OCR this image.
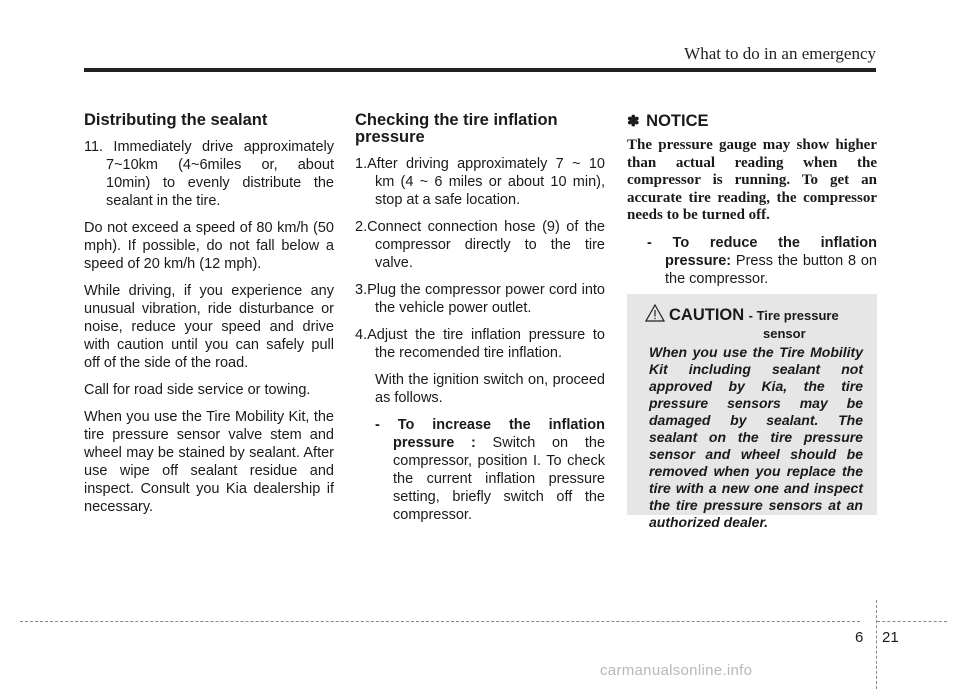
What to do in an emergency
Distributing the sealant

11. Immediately drive approximately 7~10km (4~6miles or, about 10min) to evenly distribute the sealant in the tire.

Do not exceed a speed of 80 km/h (50 mph). If possible, do not fall below a speed of 20 km/h (12 mph).

While driving, if you experience any unusual vibration, ride disturbance or noise, reduce your speed and drive with caution until you can safely pull off of the side of the road.

Call for road side service or towing.

When you use the Tire Mobility Kit, the tire pressure sensor valve stem and wheel may be stained by sealant. After use wipe off sealant residue and inspect. Consult you Kia dealership if necessary.

Checking the tire inflation pressure

1.After driving approximately 7 ~ 10 km (4 ~ 6 miles or about 10 min), stop at a safe location.

2.Connect connection hose (9) of the compressor directly to the tire valve.

3.Plug the compressor power cord into the vehicle power outlet.

4.Adjust the tire inflation pressure to the recomended tire inflation.

With the ignition switch on, proceed as follows.

- To increase the inflation pressure : Switch on the compressor, position I. To check the current inflation pressure setting, briefly switch off the compressor.

✽ NOTICE

The pressure gauge may show higher than actual reading when the compressor is running. To get an accurate tire reading, the compressor needs to be turned off.

- To reduce the inflation pressure: Press the button 8 on the compressor.

CAUTION - Tire pressure
sensor

When you use the Tire Mobility Kit including sealant not approved by Kia, the tire pressure sensors may be damaged by sealant. The sealant on the tire pressure sensor and wheel should be removed when you replace the tire with a new one and inspect the tire pressure sensors at an authorized dealer.

6 21
carmanualsonline.info
